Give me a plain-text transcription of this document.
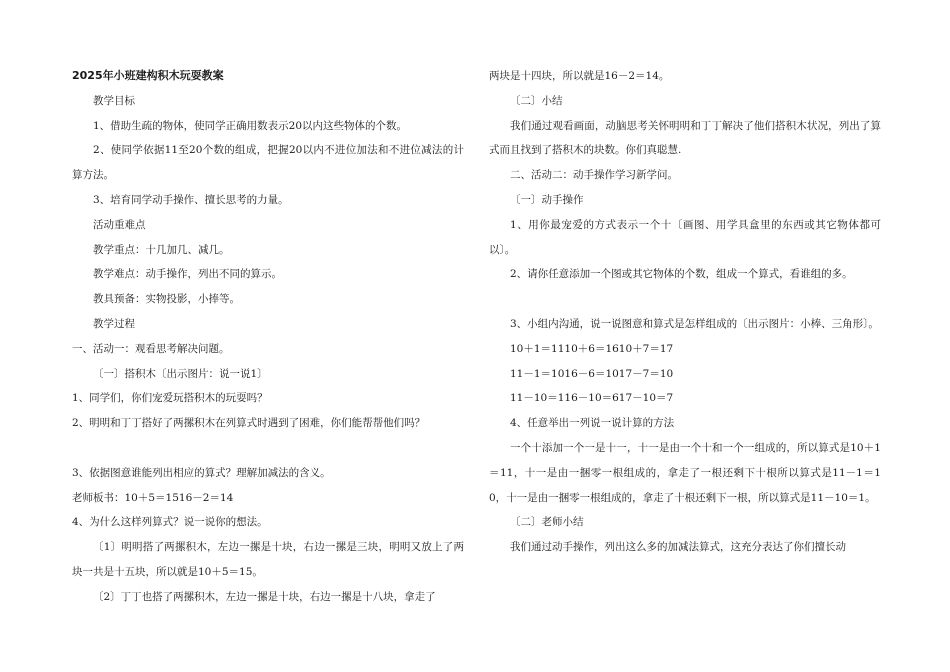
2025年小班建构积木玩耍教案

教学目标

1、借助生疏的物体，使同学正确用数表示20以内这些物体的个数。

2、使同学依据11至20个数的组成，把握20以内不进位加法和不进位减法的计算方法。

3、培育同学动手操作、擅长思考的力量。

活动重难点

教学重点：十几加几、减几。

教学难点：动手操作，列出不同的算示。

教具预备：实物投影，小捧等。

教学过程

一、活动一：观看思考解决问题。

〔一〕搭积木〔出示图片：说一说1〕

1、同学们，你们宠爱玩搭积木的玩耍吗？

2、明明和丁丁搭好了两摞积木在列算式时遇到了困难，你们能帮帮他们吗？

3、依据图意谁能列出相应的算式？理解加减法的含义。

老师板书：10＋5＝1516－2＝14

4、为什么这样列算式？说一说你的想法。

〔1〕明明搭了两摞积木，左边一摞是十块，右边一摞是三块，明明又放上了两块一共是十五块，所以就是10＋5＝15。

〔2〕丁丁也搭了两摞积木，左边一摞是十块，右边一摞是十八块，拿走了

两块是十四块，所以就是16－2＝14。

〔二〕小结

我们通过观看画面，动脑思考关怀明明和丁丁解决了他们搭积木状况，列出了算式而且找到了搭积木的块数。你们真聪慧.

二、活动二：动手操作学习新学问。

〔一〕动手操作

1、用你最宠爱的方式表示一个十〔画图、用学具盒里的东西或其它物体都可以〕。

2、请你任意添加一个图或其它物体的个数，组成一个算式，看谁组的多。

3、小组内沟通，说一说图意和算式是怎样组成的〔出示图片：小棒、三角形〕。

10＋1＝1110＋6＝1610＋7＝17

11－1＝1016－6＝1017－7＝10

11－10＝116－10＝617－10＝7

4、任意举出一列说一说计算的方法

一个十添加一个一是十一，十一是由一个十和一个一组成的，所以算式是10＋1＝11，十一是由一捆零一根组成的，拿走了一根还剩下十根所以算式是11－1＝10，十一是由一捆零一根组成的，拿走了十根还剩下一根，所以算式是11－10＝1。

〔二〕老师小结

我们通过动手操作，列出这么多的加减法算式，这充分表达了你们擅长动
